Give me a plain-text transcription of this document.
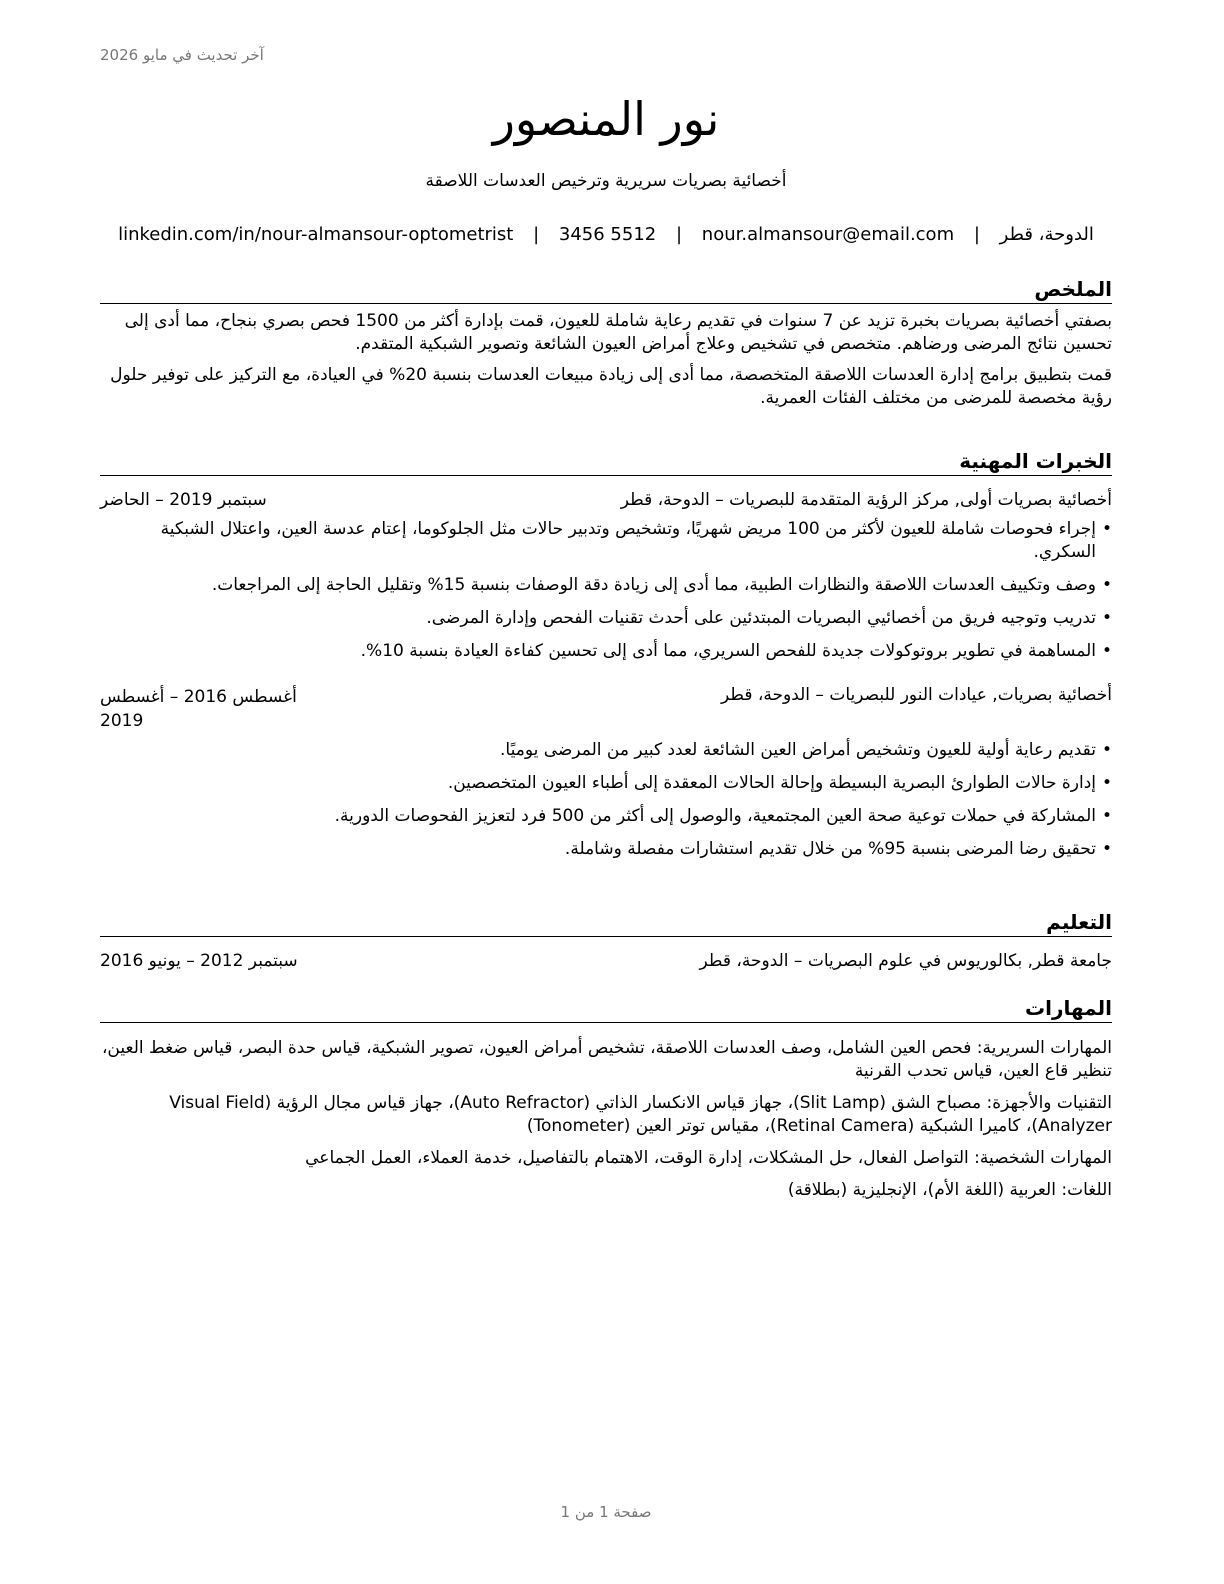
آخر تحديث في مايو 2026
نور المنصور
أخصائية بصريات سريرية وترخيص العدسات اللاصقة
الدوحة، قطر | nour.almansour@email.com | 3456 5512 | linkedin.com/in/nour-almansour-optometrist
الملخص

بصفتي أخصائية بصريات بخبرة تزيد عن 7 سنوات في تقديم رعاية شاملة للعيون، قمت بإدارة أكثر من 1500 فحص بصري بنجاح، مما أدى إلى تحسين نتائج المرضى ورضاهم. متخصص في تشخيص وعلاج أمراض العيون الشائعة وتصوير الشبكية المتقدم.

قمت بتطبيق برامج إدارة العدسات اللاصقة المتخصصة، مما أدى إلى زيادة مبيعات العدسات بنسبة 20% في العيادة، مع التركيز على توفير حلول رؤية مخصصة للمرضى من مختلف الفئات العمرية.

الخبرات المهنية
أخصائية بصريات أولى, مركز الرؤية المتقدمة للبصريات – الدوحة، قطر
سبتمبر 2019 – الحاضر
• إجراء فحوصات شاملة للعيون لأكثر من 100 مريض شهريًا، وتشخيص وتدبير حالات مثل الجلوكوما، إعتام عدسة العين، واعتلال الشبكية السكري.
• وصف وتكييف العدسات اللاصقة والنظارات الطبية، مما أدى إلى زيادة دقة الوصفات بنسبة 15% وتقليل الحاجة إلى المراجعات.
• تدريب وتوجيه فريق من أخصائيي البصريات المبتدئين على أحدث تقنيات الفحص وإدارة المرضى.
• المساهمة في تطوير بروتوكولات جديدة للفحص السريري، مما أدى إلى تحسين كفاءة العيادة بنسبة 10%.
أخصائية بصريات, عيادات النور للبصريات – الدوحة، قطر
أغسطس 2016 – أغسطس 2019
• تقديم رعاية أولية للعيون وتشخيص أمراض العين الشائعة لعدد كبير من المرضى يوميًا.
• إدارة حالات الطوارئ البصرية البسيطة وإحالة الحالات المعقدة إلى أطباء العيون المتخصصين.
• المشاركة في حملات توعية صحة العين المجتمعية، والوصول إلى أكثر من 500 فرد لتعزيز الفحوصات الدورية.
• تحقيق رضا المرضى بنسبة 95% من خلال تقديم استشارات مفصلة وشاملة.
التعليم
جامعة قطر, بكالوريوس في علوم البصريات – الدوحة، قطر
سبتمبر 2012 – يونيو 2016
المهارات

المهارات السريرية: فحص العين الشامل، وصف العدسات اللاصقة، تشخيص أمراض العيون، تصوير الشبكية، قياس حدة البصر، قياس ضغط العين، تنظير قاع العين، قياس تحدب القرنية

التقنيات والأجهزة: مصباح الشق (Slit Lamp)، جهاز قياس الانكسار الذاتي (Auto Refractor)، جهاز قياس مجال الرؤية (Visual Field Analyzer)، كاميرا الشبكية (Retinal Camera)، مقياس توتر العين (Tonometer)

المهارات الشخصية: التواصل الفعال، حل المشكلات، إدارة الوقت، الاهتمام بالتفاصيل، خدمة العملاء، العمل الجماعي

اللغات: العربية (اللغة الأم)، الإنجليزية (بطلاقة)

صفحة 1 من 1
